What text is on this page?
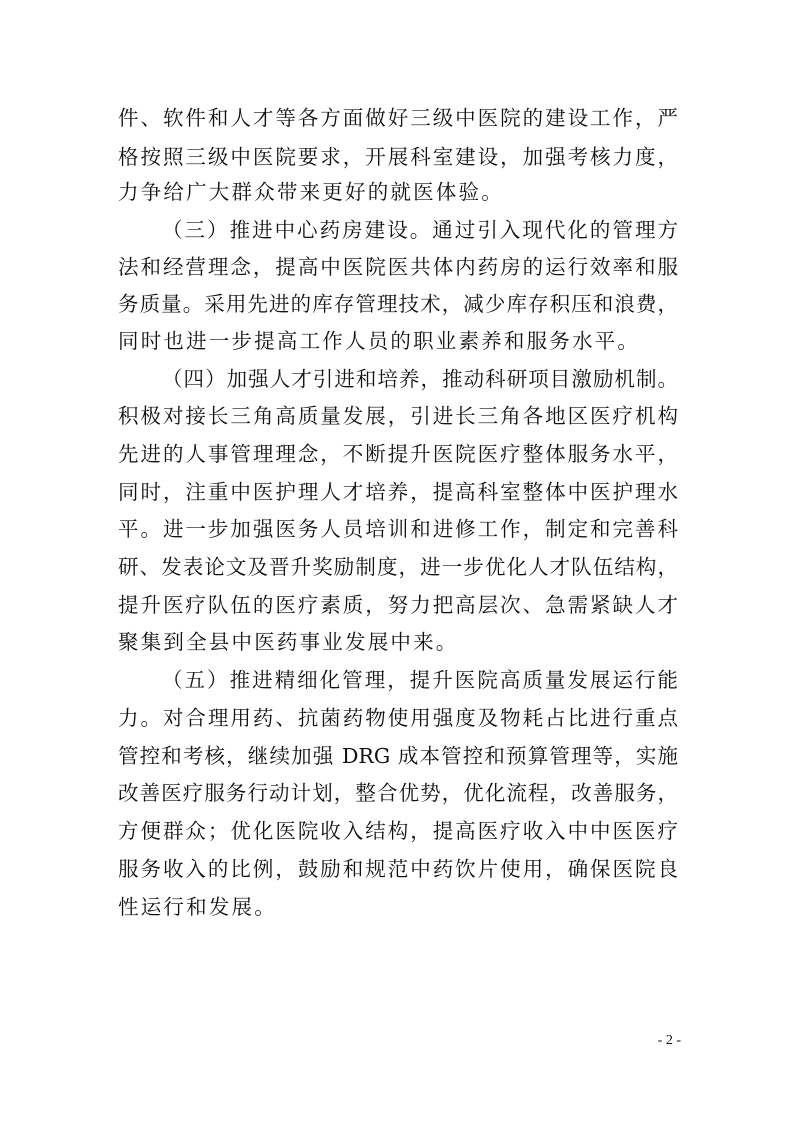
件、软件和人才等各方面做好三级中医院的建设工作，严
格按照三级中医院要求，开展科室建设，加强考核力度，
力争给广大群众带来更好的就医体验。
（三）推进中心药房建设。通过引入现代化的管理方
法和经营理念，提高中医院医共体内药房的运行效率和服
务质量。采用先进的库存管理技术，减少库存积压和浪费，
同时也进一步提高工作人员的职业素养和服务水平。
（四）加强人才引进和培养，推动科研项目激励机制。
积极对接长三角高质量发展，引进长三角各地区医疗机构
先进的人事管理理念，不断提升医院医疗整体服务水平，
同时，注重中医护理人才培养，提高科室整体中医护理水
平。进一步加强医务人员培训和进修工作，制定和完善科
研、发表论文及晋升奖励制度，进一步优化人才队伍结构，
提升医疗队伍的医疗素质，努力把高层次、急需紧缺人才
聚集到全县中医药事业发展中来。
（五）推进精细化管理，提升医院高质量发展运行能
力。对合理用药、抗菌药物使用强度及物耗占比进行重点
管控和考核，继续加强 DRG 成本管控和预算管理等，实施
改善医疗服务行动计划，整合优势，优化流程，改善服务，
方便群众；优化医院收入结构，提高医疗收入中中医医疗
服务收入的比例，鼓励和规范中药饮片使用，确保医院良
性运行和发展。
- 2 -
